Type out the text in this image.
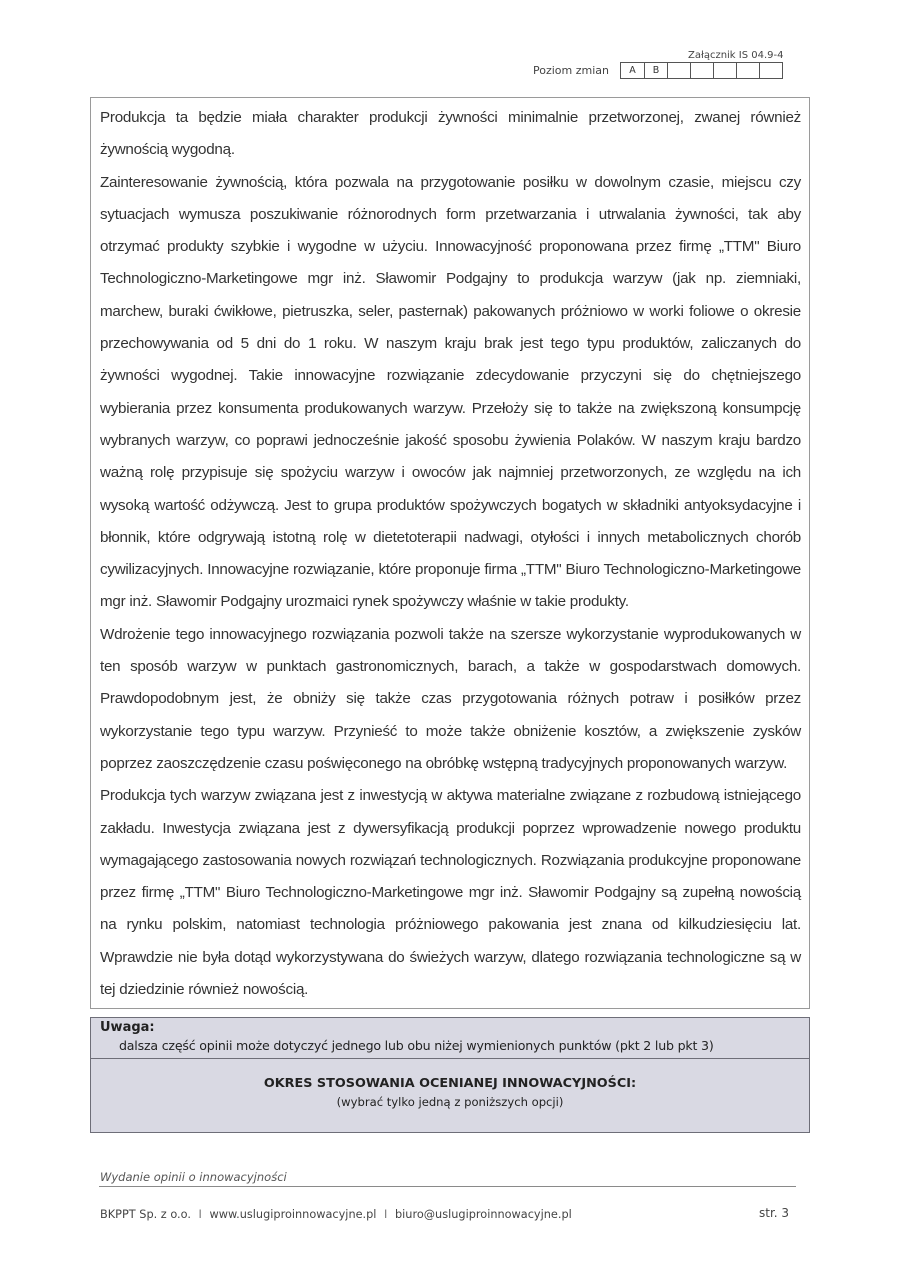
Załącznik IS 04.9-4
Poziom zmian	A	B

Produkcja ta będzie miała charakter produkcji żywności minimalnie przetworzonej, zwanej również żywnością wygodną.

Zainteresowanie żywnością, która pozwala na przygotowanie posiłku w dowolnym czasie, miejscu czy sytuacjach wymusza poszukiwanie różnorodnych form przetwarzania i utrwalania żywności, tak aby otrzymać produkty szybkie i wygodne w użyciu. Innowacyjność proponowana przez firmę „TTM" Biuro Technologiczno-Marketingowe mgr inż. Sławomir Podgajny to produkcja warzyw (jak np. ziemniaki, marchew, buraki ćwikłowe, pietruszka, seler, pasternak) pakowanych próżniowo w worki foliowe o okresie przechowywania od 5 dni do 1 roku. W naszym kraju brak jest tego typu produktów, zaliczanych do żywności wygodnej. Takie innowacyjne rozwiązanie zdecydowanie przyczyni się do chętniejszego wybierania przez konsumenta produkowanych warzyw. Przełoży się to także na zwiększoną konsumpcję wybranych warzyw, co poprawi jednocześnie jakość sposobu żywienia Polaków. W naszym kraju bardzo ważną rolę przypisuje się spożyciu warzyw i owoców jak najmniej przetworzonych, ze względu na ich wysoką wartość odżywczą. Jest to grupa produktów spożywczych bogatych w składniki antyoksydacyjne i błonnik, które odgrywają istotną rolę w dietetoterapii nadwagi, otyłości i innych metabolicznych chorób cywilizacyjnych. Innowacyjne rozwiązanie, które proponuje firma „TTM" Biuro Technologiczno-Marketingowe mgr inż. Sławomir Podgajny urozmaici rynek spożywczy właśnie w takie produkty.

Wdrożenie tego innowacyjnego rozwiązania pozwoli także na szersze wykorzystanie wyprodukowanych w ten sposób warzyw w punktach gastronomicznych, barach, a także w gospodarstwach domowych. Prawdopodobnym jest, że obniży się także czas przygotowania różnych potraw i posiłków przez wykorzystanie tego typu warzyw. Przynieść to może także obniżenie kosztów, a zwiększenie zysków poprzez zaoszczędzenie czasu poświęconego na obróbkę wstępną tradycyjnych proponowanych warzyw.

Produkcja tych warzyw związana jest z inwestycją w aktywa materialne związane z rozbudową istniejącego zakładu. Inwestycja związana jest z dywersyfikacją produkcji poprzez wprowadzenie nowego produktu wymagającego zastosowania nowych rozwiązań technologicznych. Rozwiązania produkcyjne proponowane przez firmę „TTM" Biuro Technologiczno-Marketingowe mgr inż. Sławomir Podgajny są zupełną nowością na rynku polskim, natomiast technologia próżniowego pakowania jest znana od kilkudziesięciu lat. Wprawdzie nie była dotąd wykorzystywana do świeżych warzyw, dlatego rozwiązania technologiczne są w tej dziedzinie również nowością.

Uwaga:
dalsza część opinii może dotyczyć jednego lub obu niżej wymienionych punktów (pkt 2 lub pkt 3)
OKRES STOSOWANIA OCENIANEJ INNOWACYJNOŚCI:
(wybrać tylko jedną z poniższych opcji)
Wydanie opinii o innowacyjności
BKPPT Sp. z o.o. I www.uslugiproinnowacyjne.pl I biuro@uslugiproinnowacyjne.pl	str. 3
